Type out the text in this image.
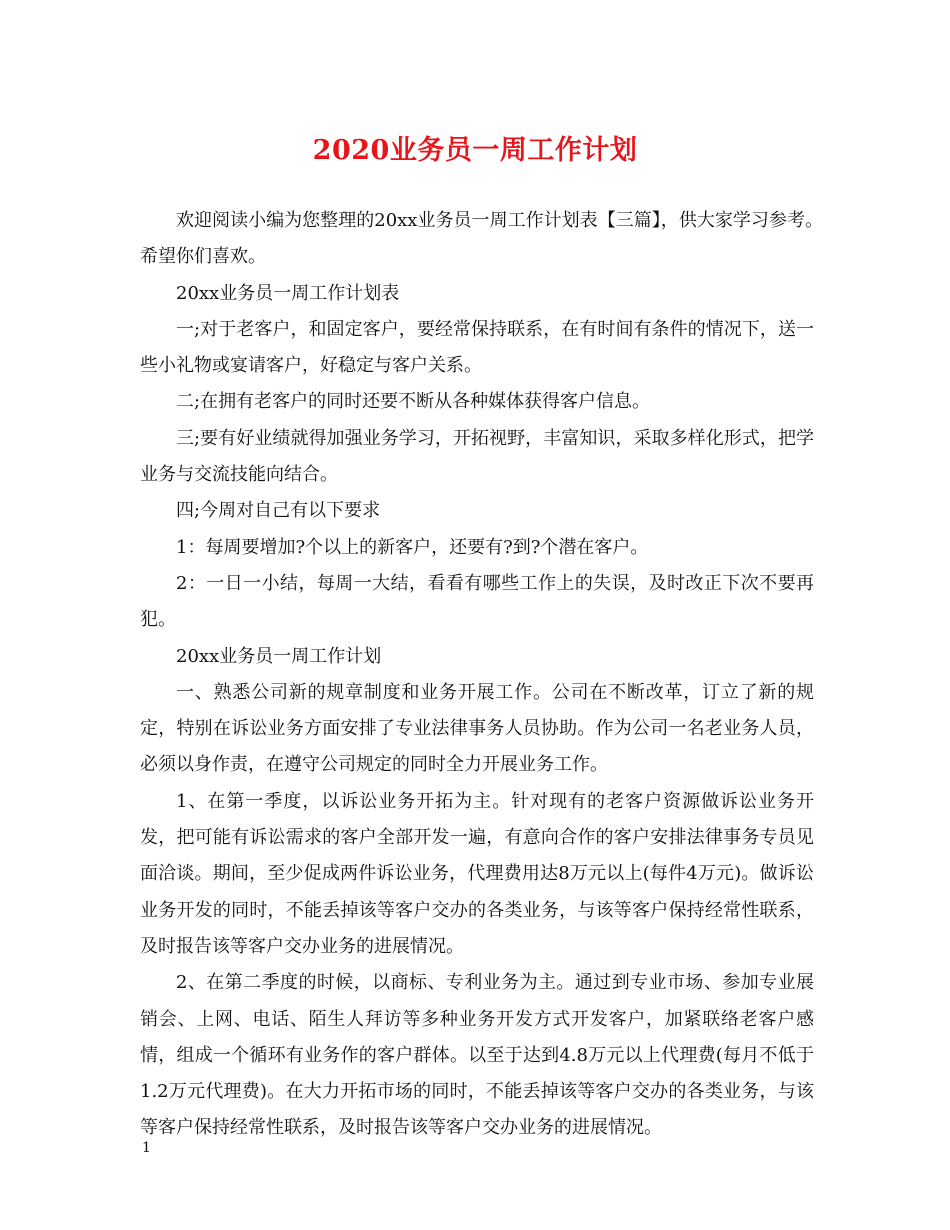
2020业务员一周工作计划

欢迎阅读小编为您整理的20xx业务员一周工作计划表【三篇】，供大家学习参考。　　希望你们喜欢。

20xx业务员一周工作计划表

一;对于老客户，和固定客户，要经常保持联系，在有时间有条件的情况下，送一些小礼物或宴请客户，好稳定与客户关系。

二;在拥有老客户的同时还要不断从各种媒体获得客户信息。

三;要有好业绩就得加强业务学习，开拓视野，丰富知识，采取多样化形式，把学业务与交流技能向结合。

四;今周对自己有以下要求

1：每周要增加?个以上的新客户，还要有?到?个潜在客户。

2：一日一小结，每周一大结，看看有哪些工作上的失误，及时改正下次不要再犯。

20xx业务员一周工作计划

一、熟悉公司新的规章制度和业务开展工作。公司在不断改革，订立了新的规定，特别在诉讼业务方面安排了专业法律事务人员协助。作为公司一名老业务人员，必须以身作责，在遵守公司规定的同时全力开展业务工作。

1、在第一季度，以诉讼业务开拓为主。针对现有的老客户资源做诉讼业务开发，把可能有诉讼需求的客户全部开发一遍，有意向合作的客户安排法律事务专员见面洽谈。期间，至少促成两件诉讼业务，代理费用达8万元以上(每件4万元)。做诉讼业务开发的同时，不能丢掉该等客户交办的各类业务，与该等客户保持经常性联系，及时报告该等客户交办业务的进展情况。

2、在第二季度的时候，以商标、专利业务为主。通过到专业市场、参加专业展销会、上网、电话、陌生人拜访等多种业务开发方式开发客户，加紧联络老客户感情，组成一个循环有业务作的客户群体。以至于达到4.8万元以上代理费(每月不低于1.2万元代理费)。在大力开拓市场的同时，不能丢掉该等客户交办的各类业务，与该等客户保持经常性联系，及时报告该等客户交办业务的进展情况。

1
